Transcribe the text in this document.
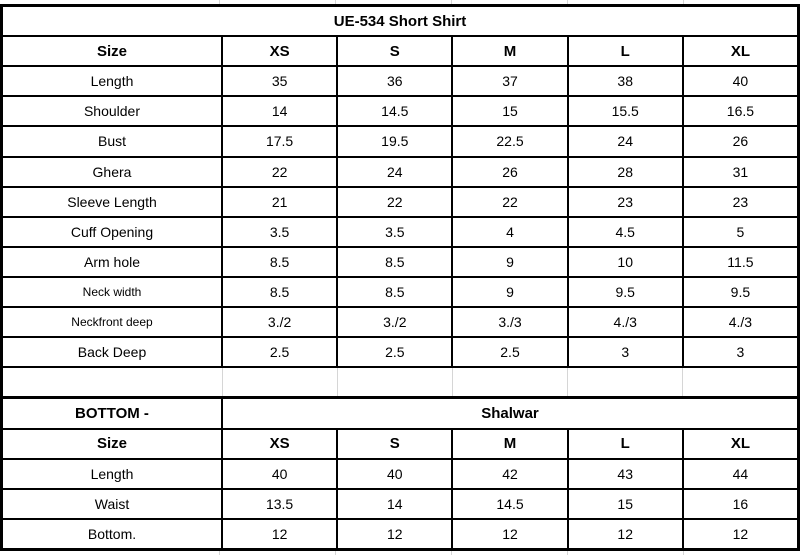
UE-534 Short Shirt
Size	XS	S	M	L	XL
Length	35	36	37	38	40
Shoulder	14	14.5	15	15.5	16.5
Bust	17.5	19.5	22.5	24	26
Ghera	22	24	26	28	31
Sleeve Length	21	22	22	23	23
Cuff Opening	3.5	3.5	4	4.5	5
Arm hole	8.5	8.5	9	10	11.5
Neck width	8.5	8.5	9	9.5	9.5
Neckfront deep	3./2	3./2	3./3	4./3	4./3
Back Deep	2.5	2.5	2.5	3	3
BOTTOM -	Shalwar
Size	XS	S	M	L	XL
Length	40	40	42	43	44
Waist	13.5	14	14.5	15	16
Bottom.	12	12	12	12	12
